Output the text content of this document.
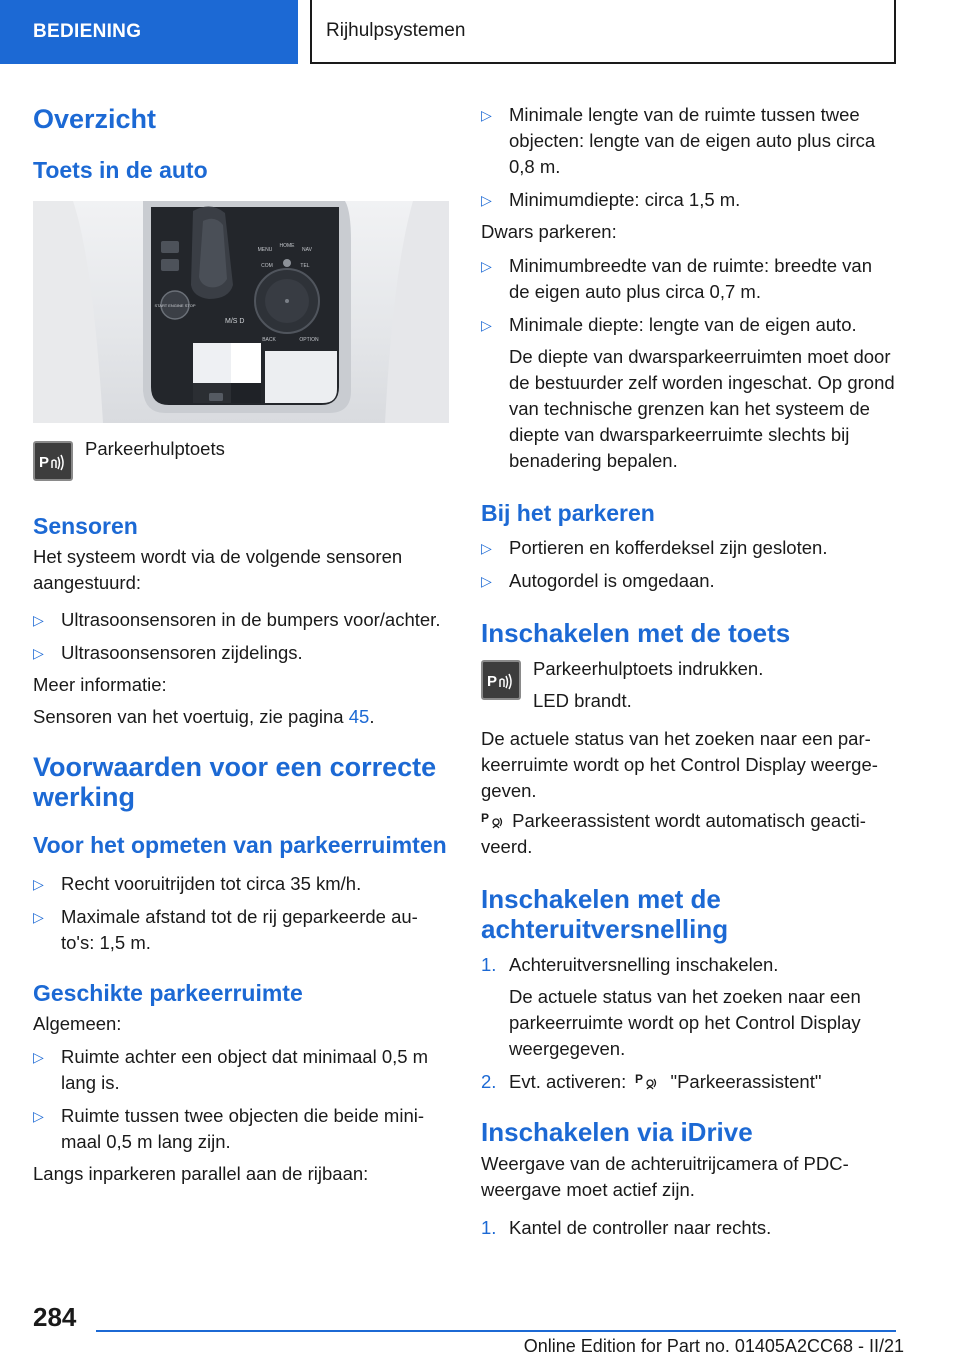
BEDIENING	Rijhulpsystemen
Overzicht
Toets in de auto
START ENGINE STOP
M/S D
MENU
HOME
NAV
COM	TEL
BACK	OPTION
P

Parkeerhulptoets

Sensoren

Het systeem wordt via de volgende sensoren aangestuurd:

▷ Ultrasoonsensoren in de bumpers voor/achter.
▷ Ultrasoonsensoren zijdelings.

Meer informatie:

Sensoren van het voertuig, zie pagina 45.

Voorwaarden voor een correcte werking
Voor het opmeten van parkeerruimten
▷ Recht vooruitrijden tot circa 35 km/h.
▷ Maximale afstand tot de rij geparkeerde au-to's: 1,5 m.
Geschikte parkeerruimte

Algemeen:

▷ Ruimte achter een object dat minimaal 0,5 m lang is.
▷ Ruimte tussen twee objecten die beide mini-maal 0,5 m lang zijn.

Langs inparkeren parallel aan de rijbaan:

▷ Minimale lengte van de ruimte tussen twee objecten: lengte van de eigen auto plus circa 0,8 m.
▷ Minimumdiepte: circa 1,5 m.

Dwars parkeren:

▷ Minimumbreedte van de ruimte: breedte van de eigen auto plus circa 0,7 m.
▷ Minimale diepte: lengte van de eigen auto.
De diepte van dwarsparkeerruimten moet door de bestuurder zelf worden ingeschat. Op grond van technische grenzen kan het systeem de diepte van dwarsparkeerruimte slechts bij benadering bepalen.
Bij het parkeren
▷ Portieren en kofferdeksel zijn gesloten.
▷ Autogordel is omgedaan.
Inschakelen met de toets
P

Parkeerhulptoets indrukken.

LED brandt.

De actuele status van het zoeken naar een par-keerruimte wordt op het Control Display weerge-geven.

P Parkeerassistent wordt automatisch geacti-veerd.

Inschakelen met de achteruitversnelling
1. Achteruitversnelling inschakelen.
De actuele status van het zoeken naar een parkeerruimte wordt op het Control Display weergegeven.
2. Evt. activeren: P "Parkeerassistent"
Inschakelen via iDrive

Weergave van de achteruitrijcamera of PDC-weergave moet actief zijn.

1. Kantel de controller naar rechts.
284
Online Edition for Part no. 01405A2CC68 - II/21
